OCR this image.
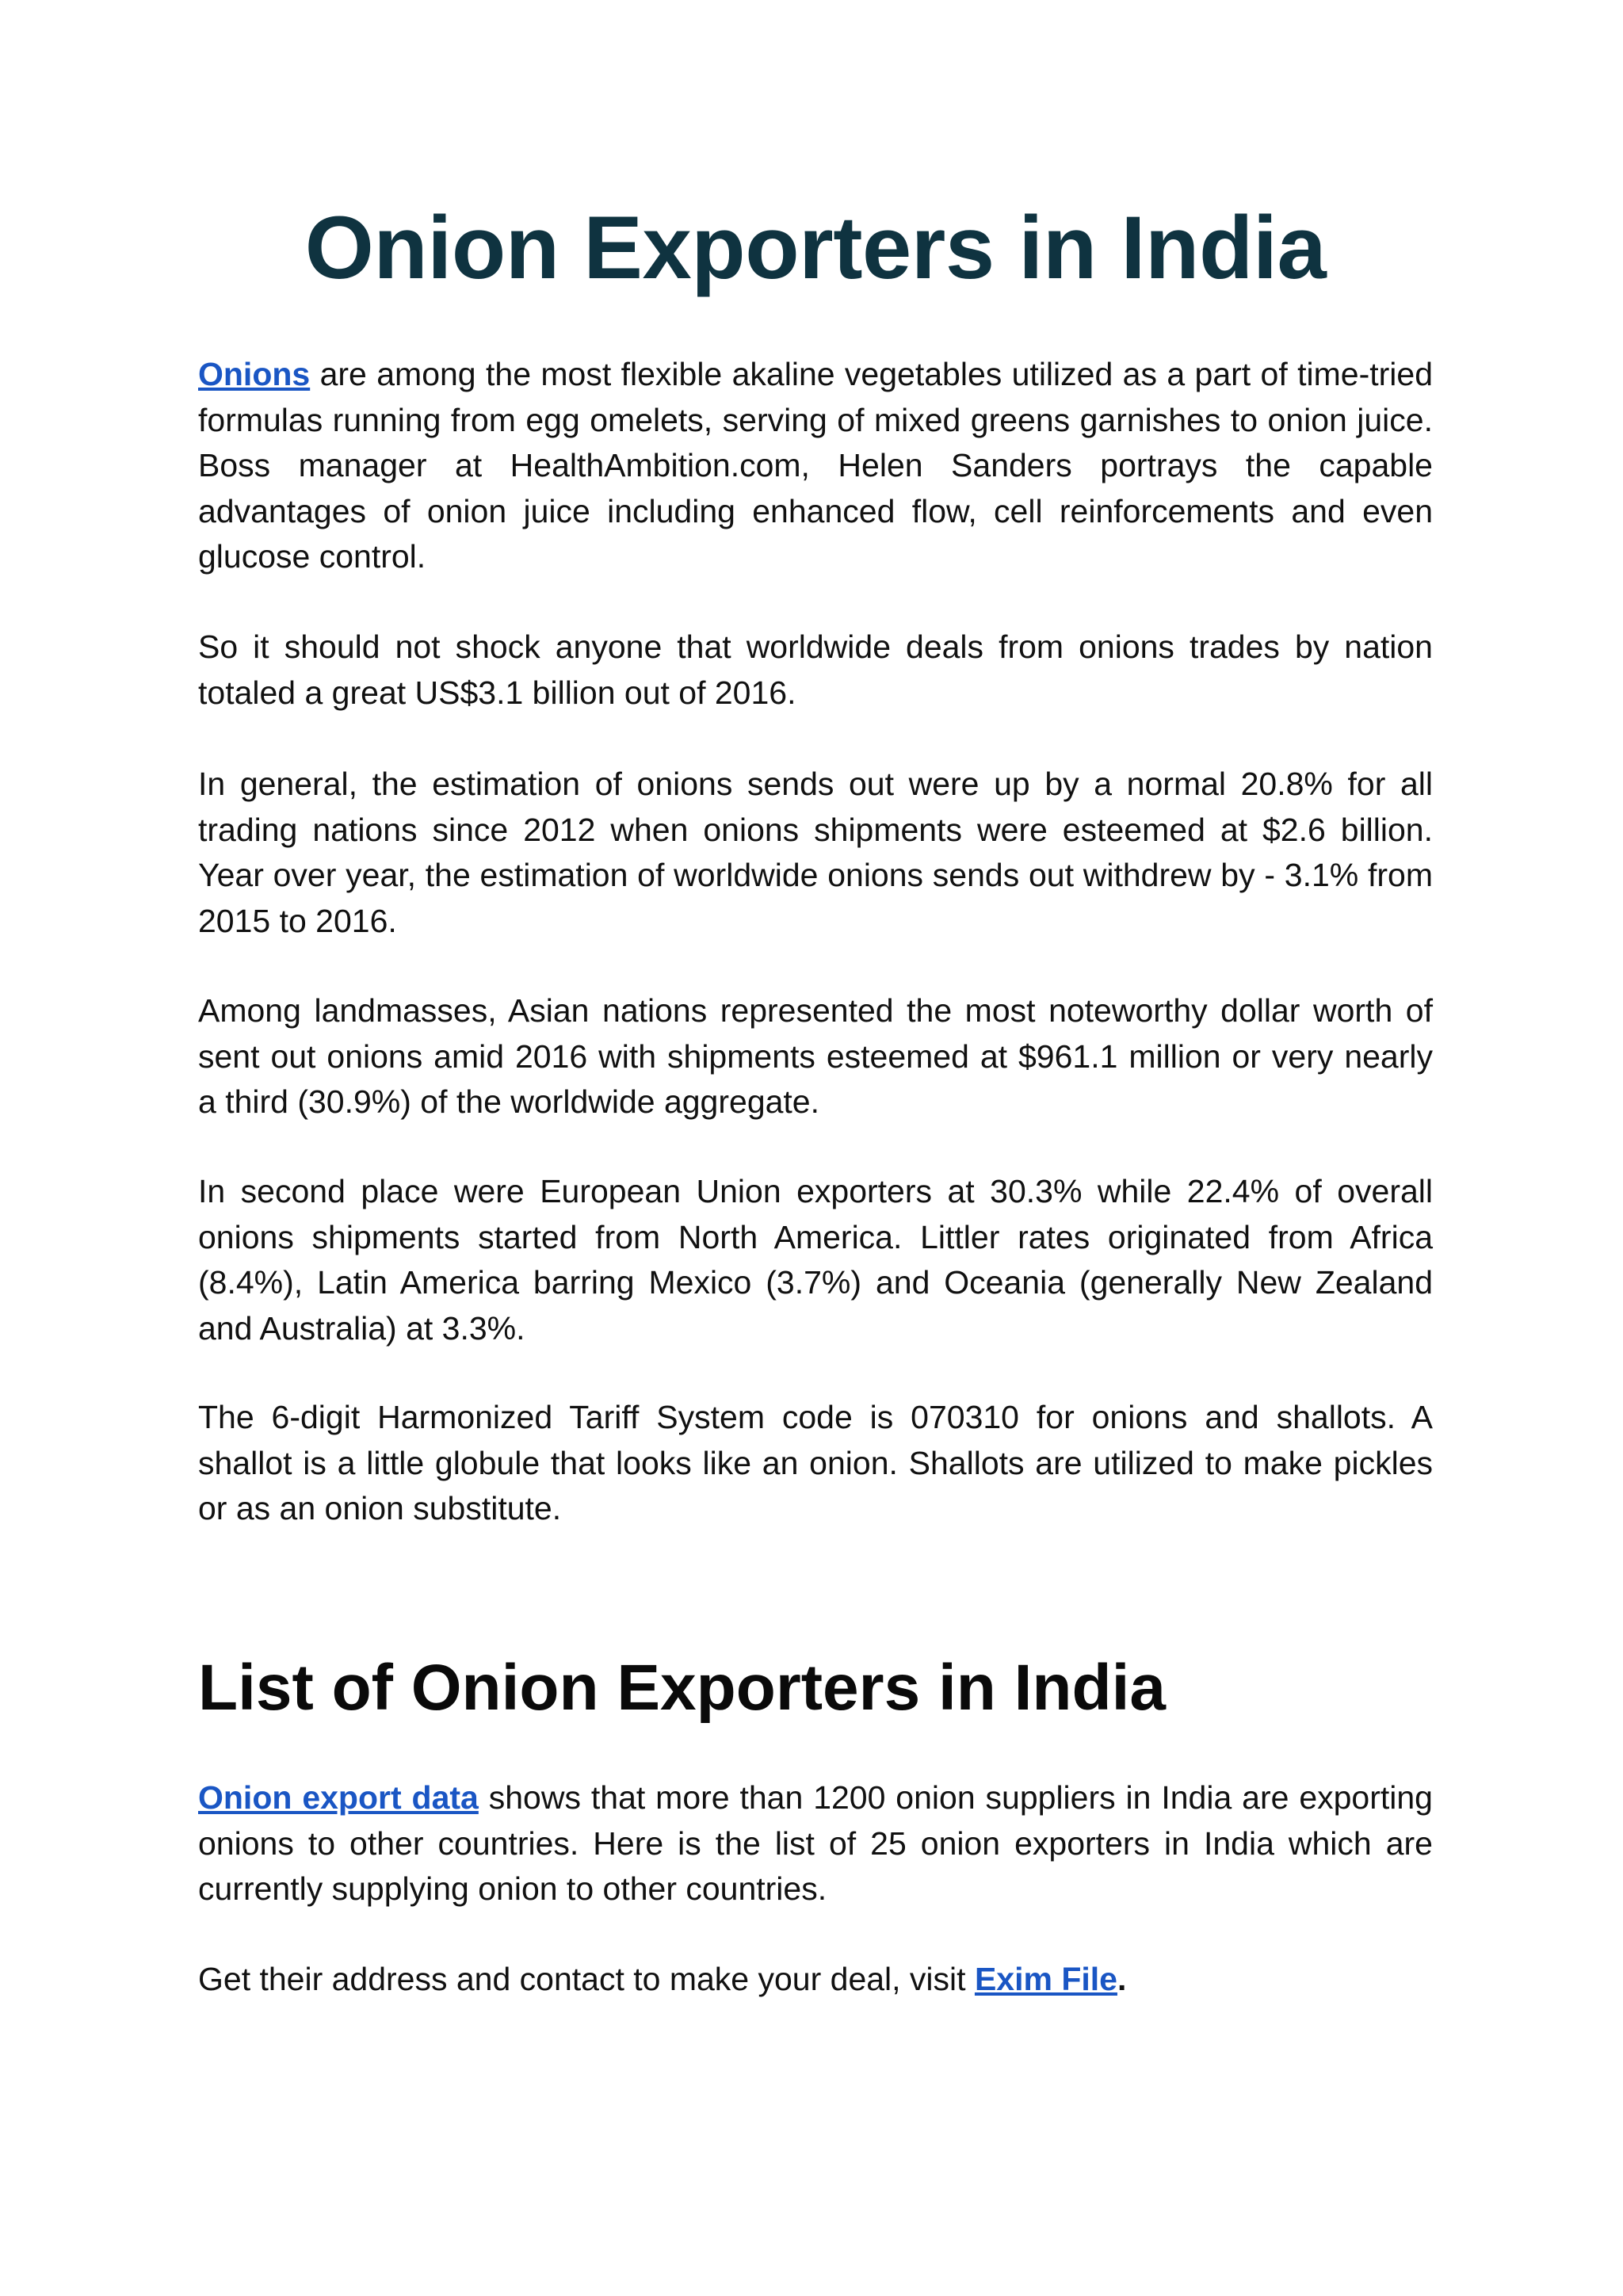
Onion Exporters in India

Onions are among the most flexible akaline vegetables utilized as a part of time-tried formulas running from egg omelets, serving of mixed greens garnishes to onion juice. Boss manager at HealthAmbition.com, Helen Sanders portrays the capable advantages of onion juice including enhanced flow, cell reinforcements and even glucose control.

So it should not shock anyone that worldwide deals from onions trades by nation totaled a great US$3.1 billion out of 2016.

In general, the estimation of onions sends out were up by a normal 20.8% for all trading nations since 2012 when onions shipments were esteemed at $2.6 billion. Year over year, the estimation of worldwide onions sends out withdrew by - 3.1% from 2015 to 2016.

Among landmasses, Asian nations represented the most noteworthy dollar worth of sent out onions amid 2016 with shipments esteemed at $961.1 million or very nearly a third (30.9%) of the worldwide aggregate.

In second place were European Union exporters at 30.3% while 22.4% of overall onions shipments started from North America. Littler rates originated from Africa (8.4%), Latin America barring Mexico (3.7%) and Oceania (generally New Zealand and Australia) at 3.3%.

The 6-digit Harmonized Tariff System code is 070310 for onions and shallots. A shallot is a little globule that looks like an onion. Shallots are utilized to make pickles or as an onion substitute.

List of Onion Exporters in India

Onion export data shows that more than 1200 onion suppliers in India are exporting onions to other countries. Here is the list of 25 onion exporters in India which are currently supplying onion to other countries.

Get their address and contact to make your deal, visit Exim File.
